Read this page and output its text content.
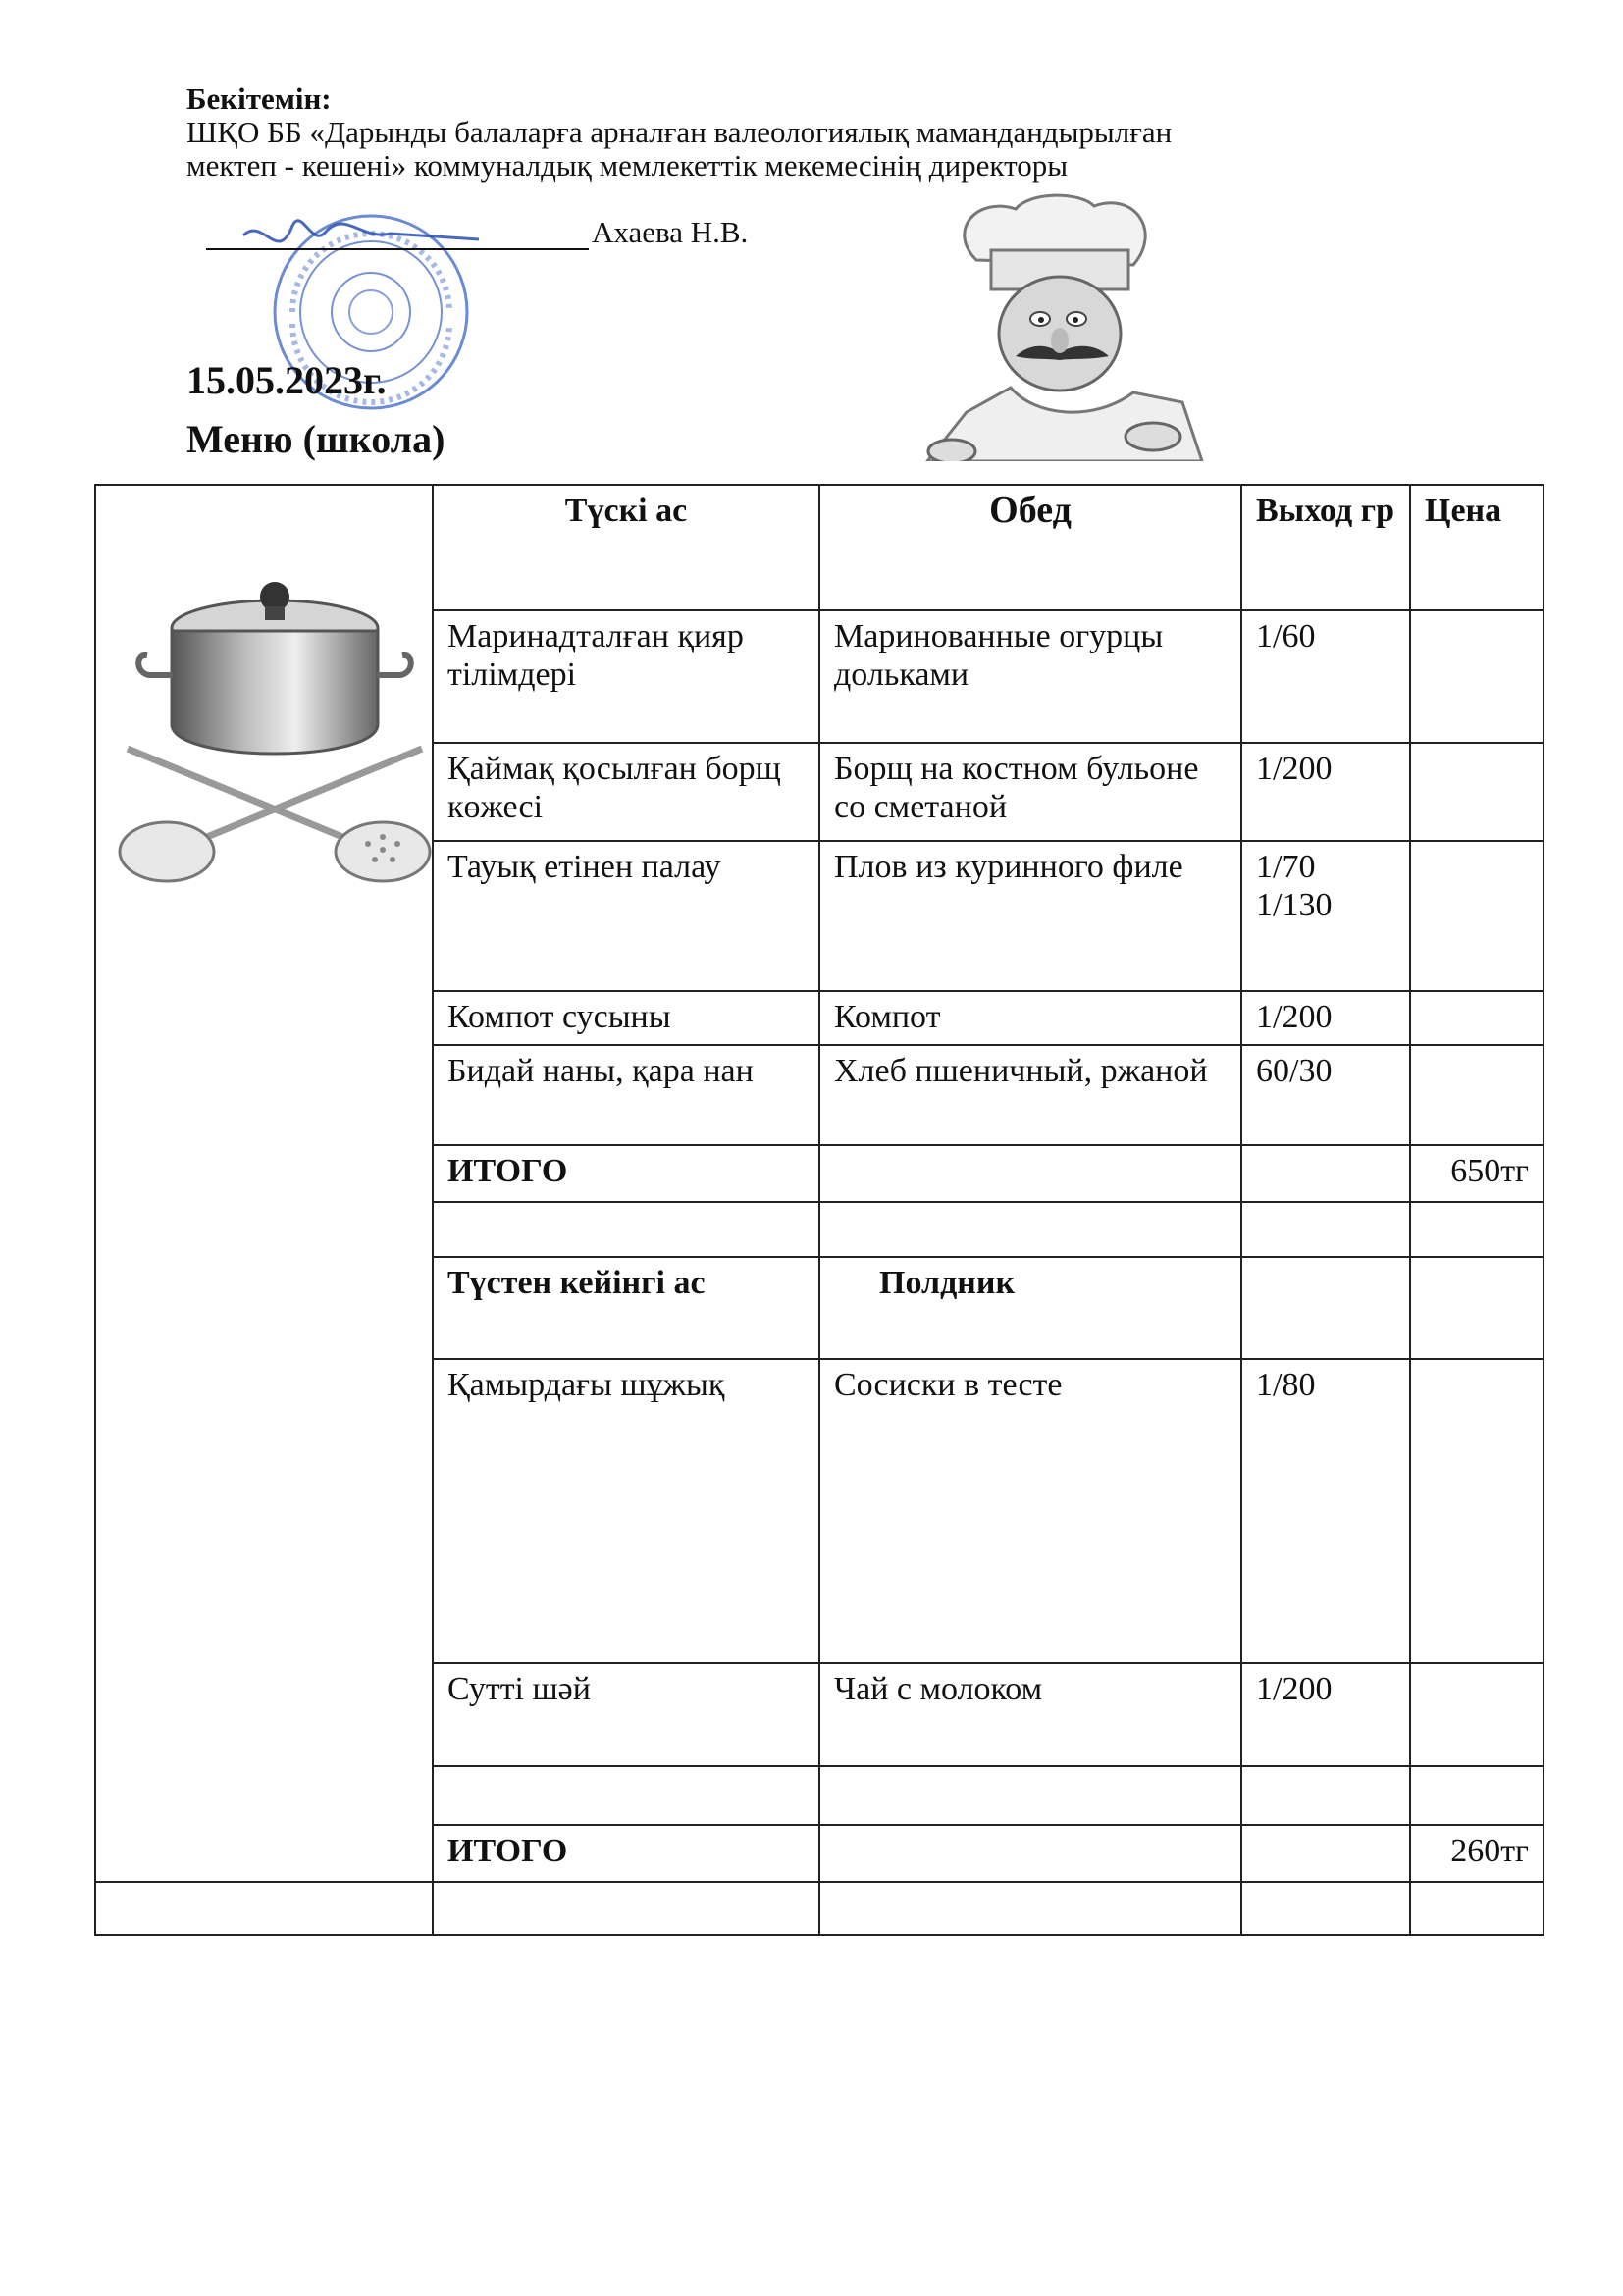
Бекітемін:
ШҚО ББ «Дарынды балаларға арналған валеологиялық мамандандырылған
мектеп - кешені» коммуналдық мемлекеттік мекемесінің директоры
Ахаева Н.В.
15.05.2023г.
Меню (школа)
	Түскі ас	Обед	Выход гр	Цена
	Маринадталған қияр тілімдері	Маринованные огурцы дольками	1/60	
	Қаймақ қосылған борщ көжесі	Борщ на костном бульоне со сметаной	1/200	
	Тауық етінен палау	Плов из куринного филе	1/70
1/130	
	Компот сусыны	Компот	1/200	
	Бидай наны, қара нан	Хлеб пшеничный, ржаной	60/30	
	ИТОГО			650тг

	Түстен кейінгі ас	Полдник		
	Қамырдағы шұжық	Сосиски в тесте	1/80	
	Сутті шәй	Чай с молоком	1/200	

	ИТОГО			260тг
